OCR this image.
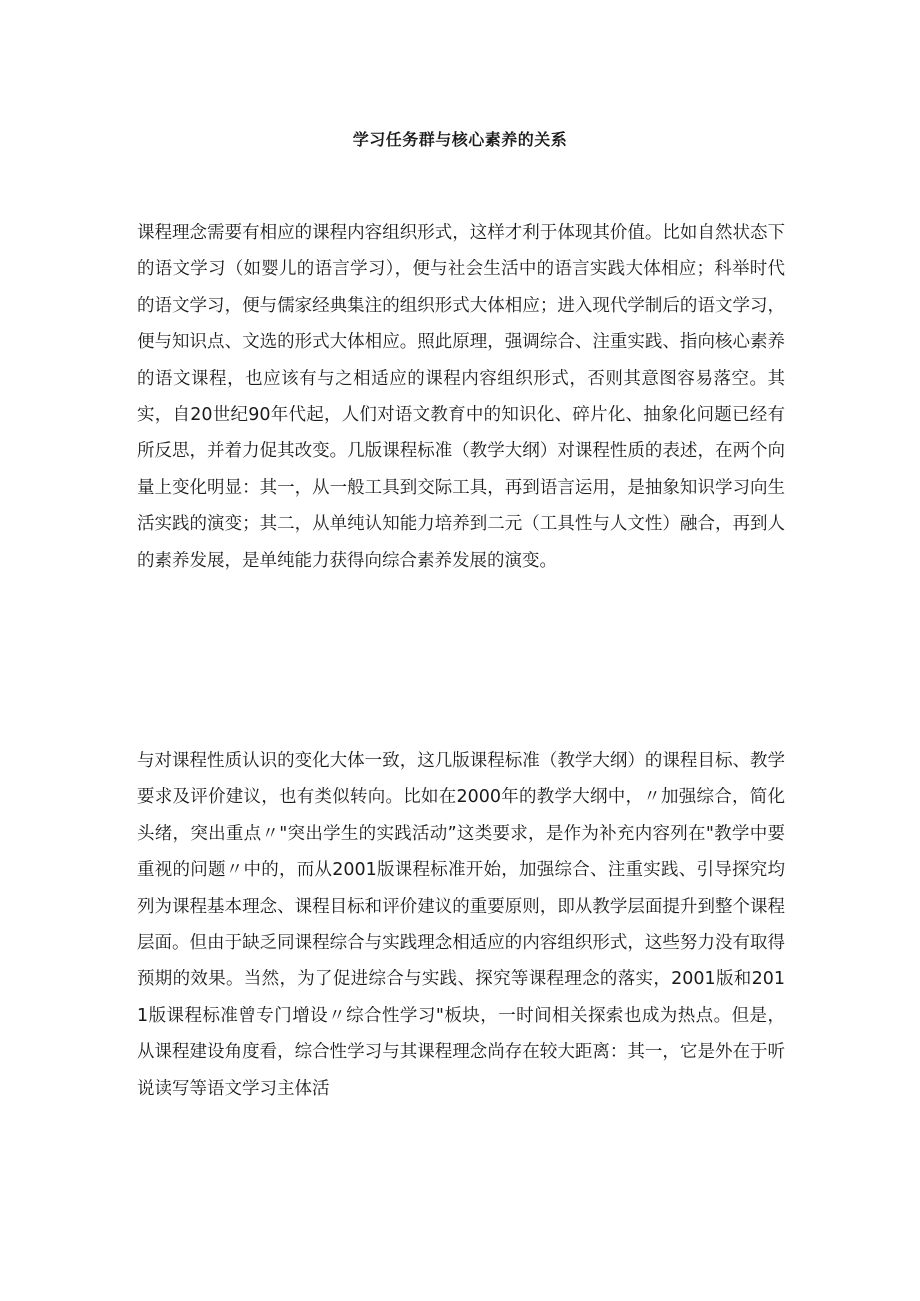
学习任务群与核心素养的关系

课程理念需要有相应的课程内容组织形式，这样才利于体现其价值。比如自然状态下的语文学习（如婴儿的语言学习），便与社会生活中的语言实践大体相应；科举时代的语文学习，便与儒家经典集注的组织形式大体相应；进入现代学制后的语文学习，便与知识点、文选的形式大体相应。照此原理，强调综合、注重实践、指向核心素养的语文课程，也应该有与之相适应的课程内容组织形式，否则其意图容易落空。其实，自20世纪90年代起，人们对语文教育中的知识化、碎片化、抽象化问题已经有所反思，并着力促其改变。几版课程标准（教学大纲）对课程性质的表述，在两个向量上变化明显：其一，从一般工具到交际工具，再到语言运用，是抽象知识学习向生活实践的演变；其二，从单纯认知能力培养到二元（工具性与人文性）融合，再到人的素养发展，是单纯能力获得向综合素养发展的演变。

与对课程性质认识的变化大体一致，这几版课程标准（教学大纲）的课程目标、教学要求及评价建议，也有类似转向。比如在2000年的教学大纲中，〃加强综合，简化头绪，突出重点〃"突出学生的实践活动”这类要求，是作为补充内容列在"教学中要重视的问题〃中的，而从2001版课程标准开始，加强综合、注重实践、引导探究均列为课程基本理念、课程目标和评价建议的重要原则，即从教学层面提升到整个课程层面。但由于缺乏同课程综合与实践理念相适应的内容组织形式，这些努力没有取得预期的效果。当然，为了促进综合与实践、探究等课程理念的落实，2001版和2011版课程标准曾专门增设〃综合性学习"板块，一时间相关探索也成为热点。但是，从课程建设角度看，综合性学习与其课程理念尚存在较大距离：其一，它是外在于听说读写等语文学习主体活
